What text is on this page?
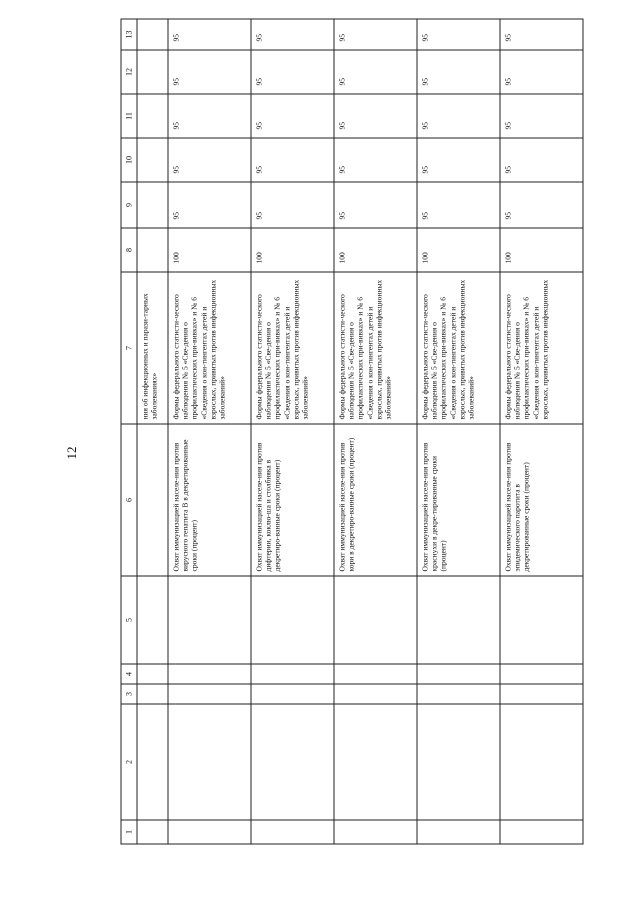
12
1	2	3	4	5	6	7	8	9	10	11	12	13
						ния об инфекционных и парази-тарных заболеваниях»						
					Охват иммунизацией населе-ния против вирусного гепатита В в декретированные сроки (процент)	Формы федерального статисти-ческого наблюдения № 5 «Све-дения о профилактических при-вивках» и № 6 «Сведения о кон-тингентах детей и взрослых, привитых против инфекционных заболеваний»	100	95	95	95	95	95
					Охват иммунизацией населе-ния против дифтерии, коклю-ша и столбняка в декретиро-ванные сроки (процент)	Формы федерального статисти-ческого наблюдения № 5 «Све-дения о профилактических при-вивках» и № 6 «Сведения о кон-тингентах детей и взрослых, привитых против инфекционных заболеваний»	100	95	95	95	95	95
					Охват иммунизацией населе-ния против кори в декретиро-ванные сроки (процент)	Формы федерального статисти-ческого наблюдения № 5 «Све-дения о профилактических при-вивках» и № 6 «Сведения о кон-тингентах детей и взрослых, привитых против инфекционных заболеваний»	100	95	95	95	95	95
					Охват иммунизацией населе-ния против краснухи в декре-тированные сроки (процент)	Формы федерального статисти-ческого наблюдения № 5 «Све-дения о профилактических при-вивках» и № 6 «Сведения о кон-тингентах детей и взрослых, привитых против инфекционных заболеваний»	100	95	95	95	95	95
					Охват иммунизацией населе-ния против эпидемического паротита в декретированные сроки (процент)	Формы федерального статисти-ческого наблюдения № 5 «Све-дения о профилактических при-вивках» и № 6 «Сведения о кон-тингентах детей и взрослых, привитых против инфекционных	100	95	95	95	95	95
